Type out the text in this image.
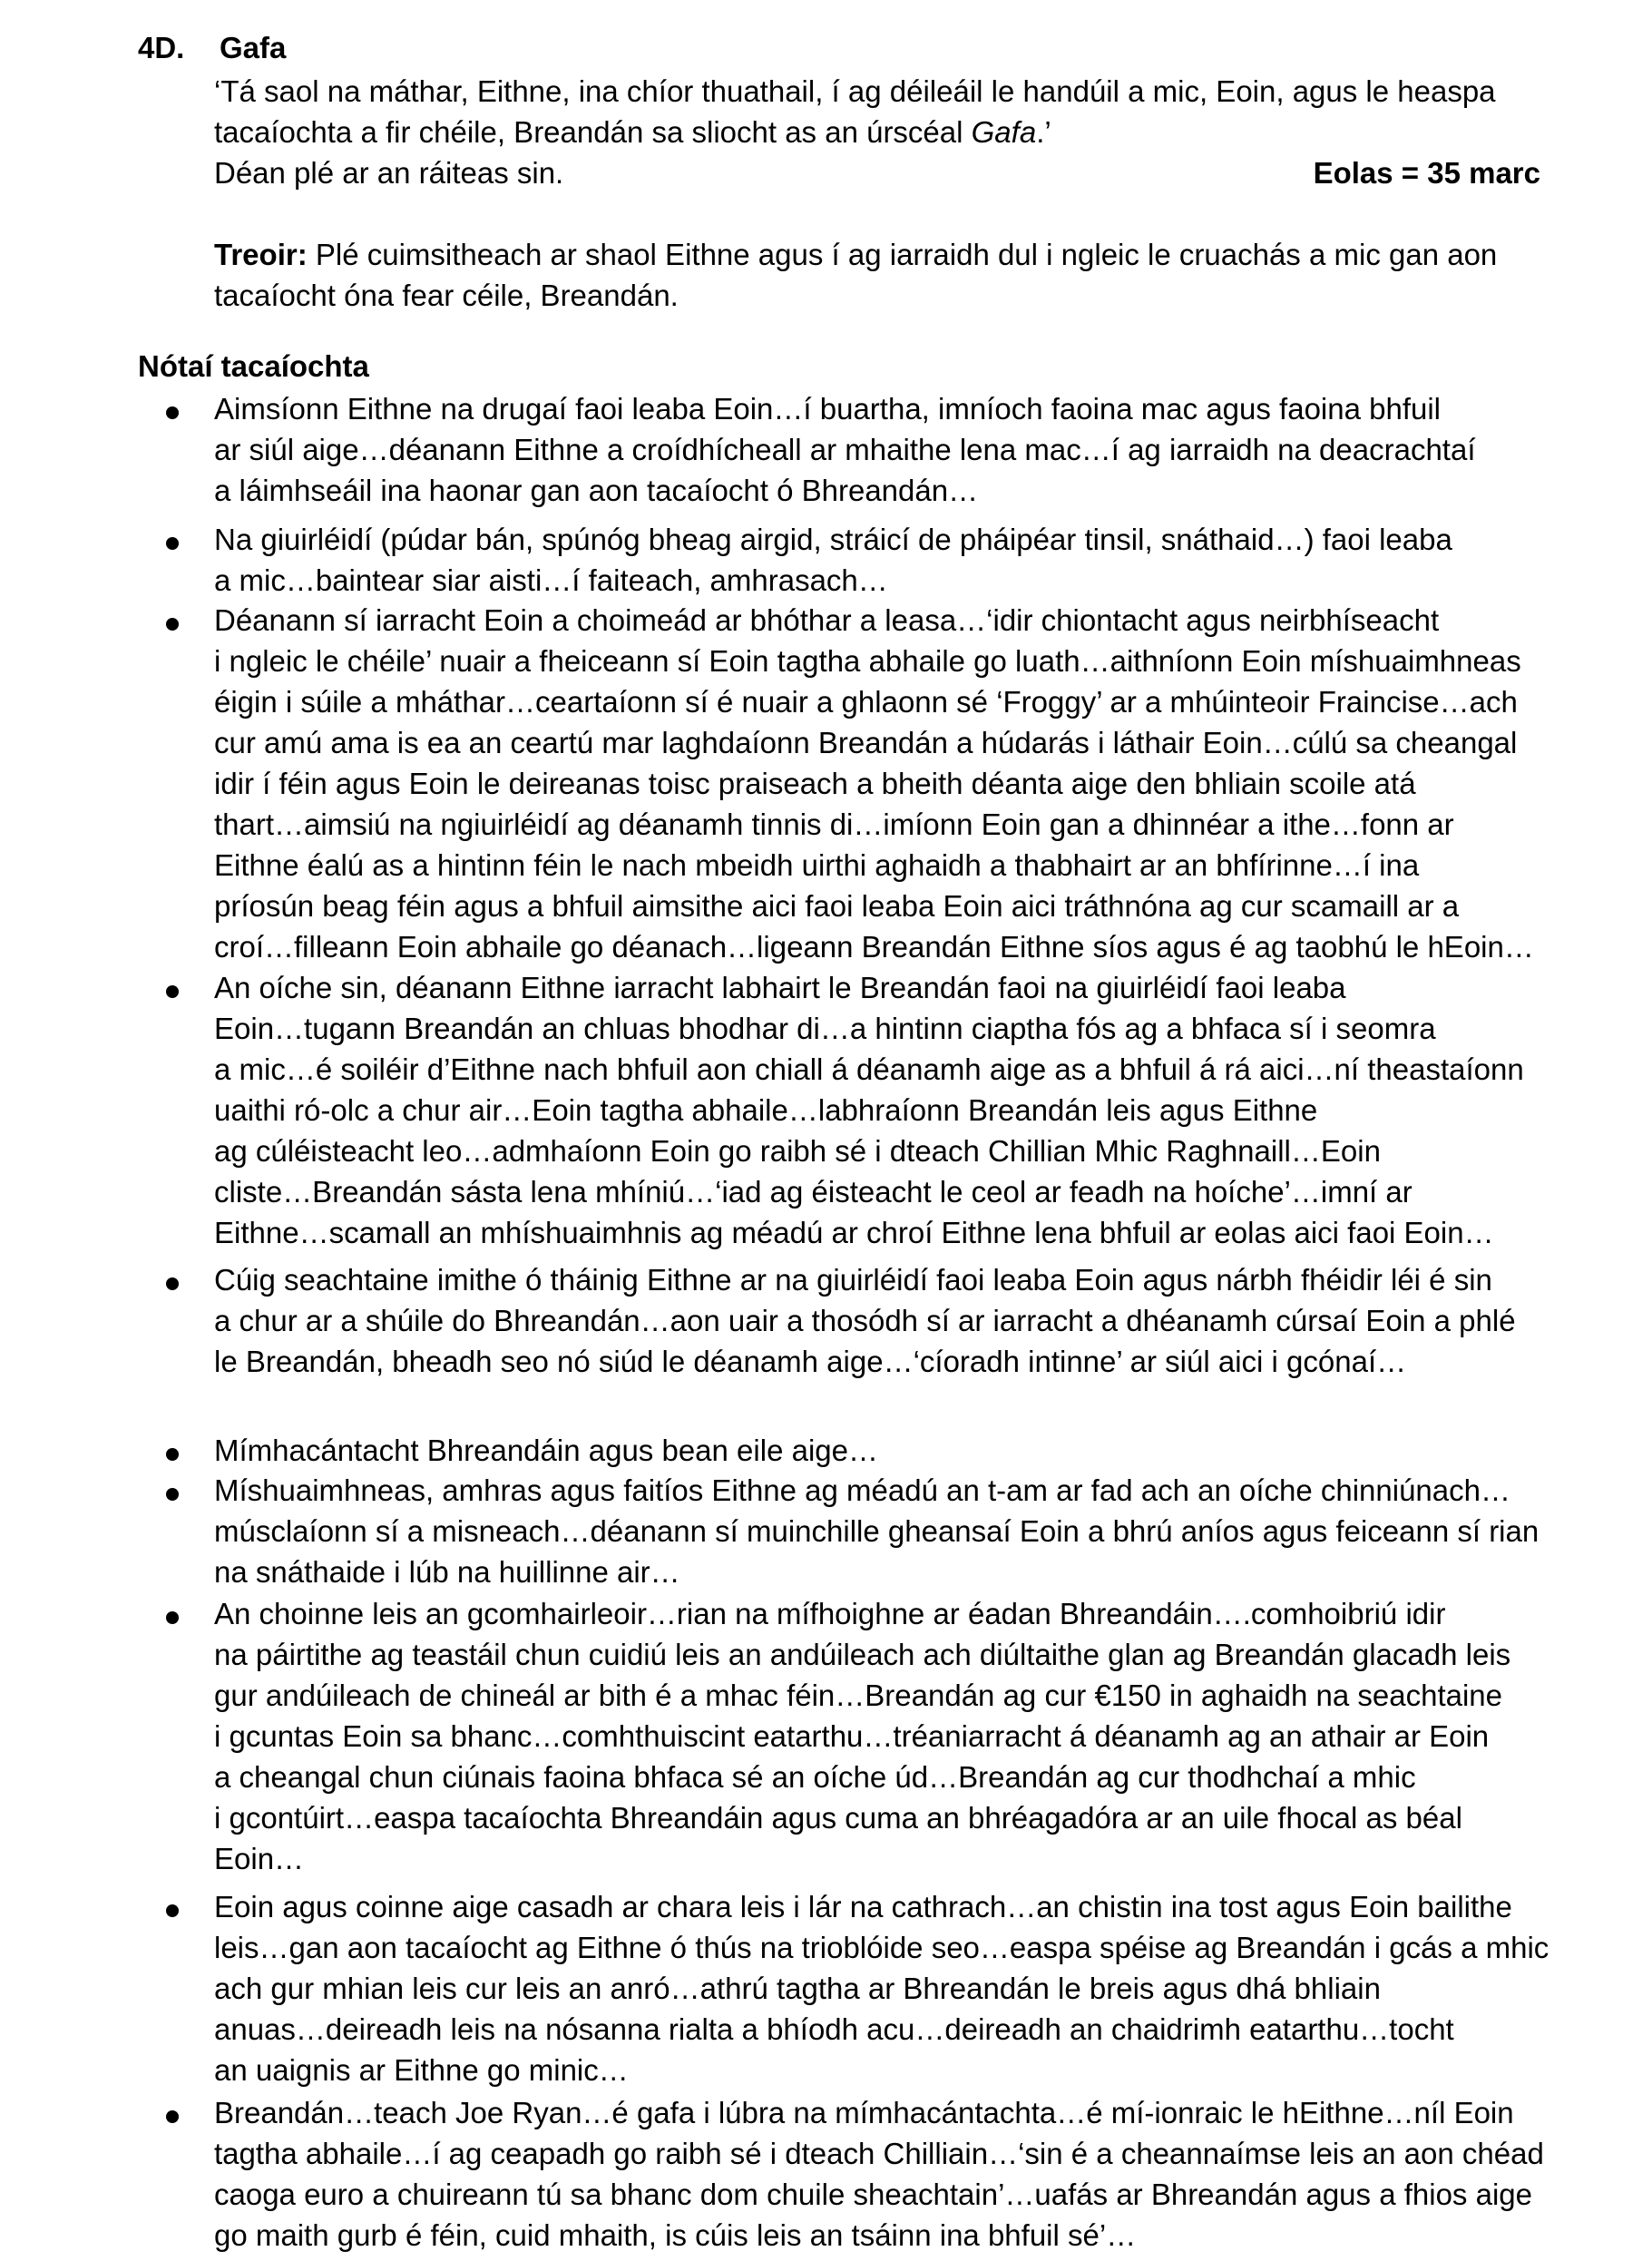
4D. Gafa
‘Tá saol na máthar, Eithne, ina chíor thuathail, í ag déileáil le handúil a mic, Eoin, agus le heaspa
tacaíochta a fir chéile, Breandán sa sliocht as an úrscéal Gafa.’
Déan plé ar an ráiteas sin.	Eolas = 35 marc
Treoir: Plé cuimsitheach ar shaol Eithne agus í ag iarraidh dul i ngleic le cruachás a mic gan aon
tacaíocht óna fear céile, Breandán.
Nótaí tacaíochta
Aimsíonn Eithne na drugaí faoi leaba Eoin…í buartha, imníoch faoina mac agus faoina bhfuil
ar siúl aige…déanann Eithne a croídhícheall ar mhaithe lena mac…í ag iarraidh na deacrachtaí
a láimhseáil ina haonar gan aon tacaíocht ó Bhreandán…
Na giuirléidí (púdar bán, spúnóg bheag airgid, stráicí de pháipéar tinsil, snáthaid…) faoi leaba
a mic…baintear siar aisti…í faiteach, amhrasach…
Déanann sí iarracht Eoin a choimeád ar bhóthar a leasa…‘idir chiontacht agus neirbhíseacht
i ngleic le chéile’ nuair a fheiceann sí Eoin tagtha abhaile go luath…aithníonn Eoin míshuaimhneas
éigin i súile a mháthar…ceartaíonn sí é nuair a ghlaonn sé ‘Froggy’ ar a mhúinteoir Fraincise…ach
cur amú ama is ea an ceartú mar laghdaíonn Breandán a húdarás i láthair Eoin…cúlú sa cheangal
idir í féin agus Eoin le deireanas toisc praiseach a bheith déanta aige den bhliain scoile atá
thart…aimsiú na ngiuirléidí ag déanamh tinnis di…imíonn Eoin gan a dhinnéar a ithe…fonn ar
Eithne éalú as a hintinn féin le nach mbeidh uirthi aghaidh a thabhairt ar an bhfírinne…í ina
príosún beag féin agus a bhfuil aimsithe aici faoi leaba Eoin aici tráthnóna ag cur scamaill ar a
croí…filleann Eoin abhaile go déanach…ligeann Breandán Eithne síos agus é ag taobhú le hEoin…
An oíche sin, déanann Eithne iarracht labhairt le Breandán faoi na giuirléidí faoi leaba
Eoin…tugann Breandán an chluas bhodhar di…a hintinn ciaptha fós ag a bhfaca sí i seomra
a mic…é soiléir d’Eithne nach bhfuil aon chiall á déanamh aige as a bhfuil á rá aici…ní theastaíonn
uaithi ró-olc a chur air…Eoin tagtha abhaile…labhraíonn Breandán leis agus Eithne
ag cúléisteacht leo…admhaíonn Eoin go raibh sé i dteach Chillian Mhic Raghnaill…Eoin
cliste…Breandán sásta lena mhíniú…‘iad ag éisteacht le ceol ar feadh na hoíche’…imní ar
Eithne…scamall an mhíshuaimhnis ag méadú ar chroí Eithne lena bhfuil ar eolas aici faoi Eoin…
Cúig seachtaine imithe ó tháinig Eithne ar na giuirléidí faoi leaba Eoin agus nárbh fhéidir léi é sin
a chur ar a shúile do Bhreandán…aon uair a thosódh sí ar iarracht a dhéanamh cúrsaí Eoin a phlé
le Breandán, bheadh seo nó siúd le déanamh aige…‘cíoradh intinne’ ar siúl aici i gcónaí…
Mímhacántacht Bhreandáin agus bean eile aige…
Míshuaimhneas, amhras agus faitíos Eithne ag méadú an t-am ar fad ach an oíche chinniúnach…
músclaíonn sí a misneach…déanann sí muinchille gheansaí Eoin a bhrú aníos agus feiceann sí rian
na snáthaide i lúb na huillinne air…
An choinne leis an gcomhairleoir…rian na mífhoighne ar éadan Bhreandáin….comhoibriú idir
na páirtithe ag teastáil chun cuidiú leis an andúileach ach diúltaithe glan ag Breandán glacadh leis
gur andúileach de chineál ar bith é a mhac féin…Breandán ag cur €150 in aghaidh na seachtaine
i gcuntas Eoin sa bhanc…comhthuiscint eatarthu…tréaniarracht á déanamh ag an athair ar Eoin
a cheangal chun ciúnais faoina bhfaca sé an oíche úd…Breandán ag cur thodhchaí a mhic
i gcontúirt…easpa tacaíochta Bhreandáin agus cuma an bhréagadóra ar an uile fhocal as béal
Eoin…
Eoin agus coinne aige casadh ar chara leis i lár na cathrach…an chistin ina tost agus Eoin bailithe
leis…gan aon tacaíocht ag Eithne ó thús na trioblóide seo…easpa spéise ag Breandán i gcás a mhic
ach gur mhian leis cur leis an anró…athrú tagtha ar Bhreandán le breis agus dhá bhliain
anuas…deireadh leis na nósanna rialta a bhíodh acu…deireadh an chaidrimh eatarthu…tocht
an uaignis ar Eithne go minic…
Breandán…teach Joe Ryan…é gafa i lúbra na mímhacántachta…é mí-ionraic le hEithne…níl Eoin
tagtha abhaile…í ag ceapadh go raibh sé i dteach Chilliain…‘sin é a cheannaímse leis an aon chéad
caoga euro a chuireann tú sa bhanc dom chuile sheachtain’…uafás ar Bhreandán agus a fhios aige
go maith gurb é féin, cuid mhaith, is cúis leis an tsáinn ina bhfuil sé’…
